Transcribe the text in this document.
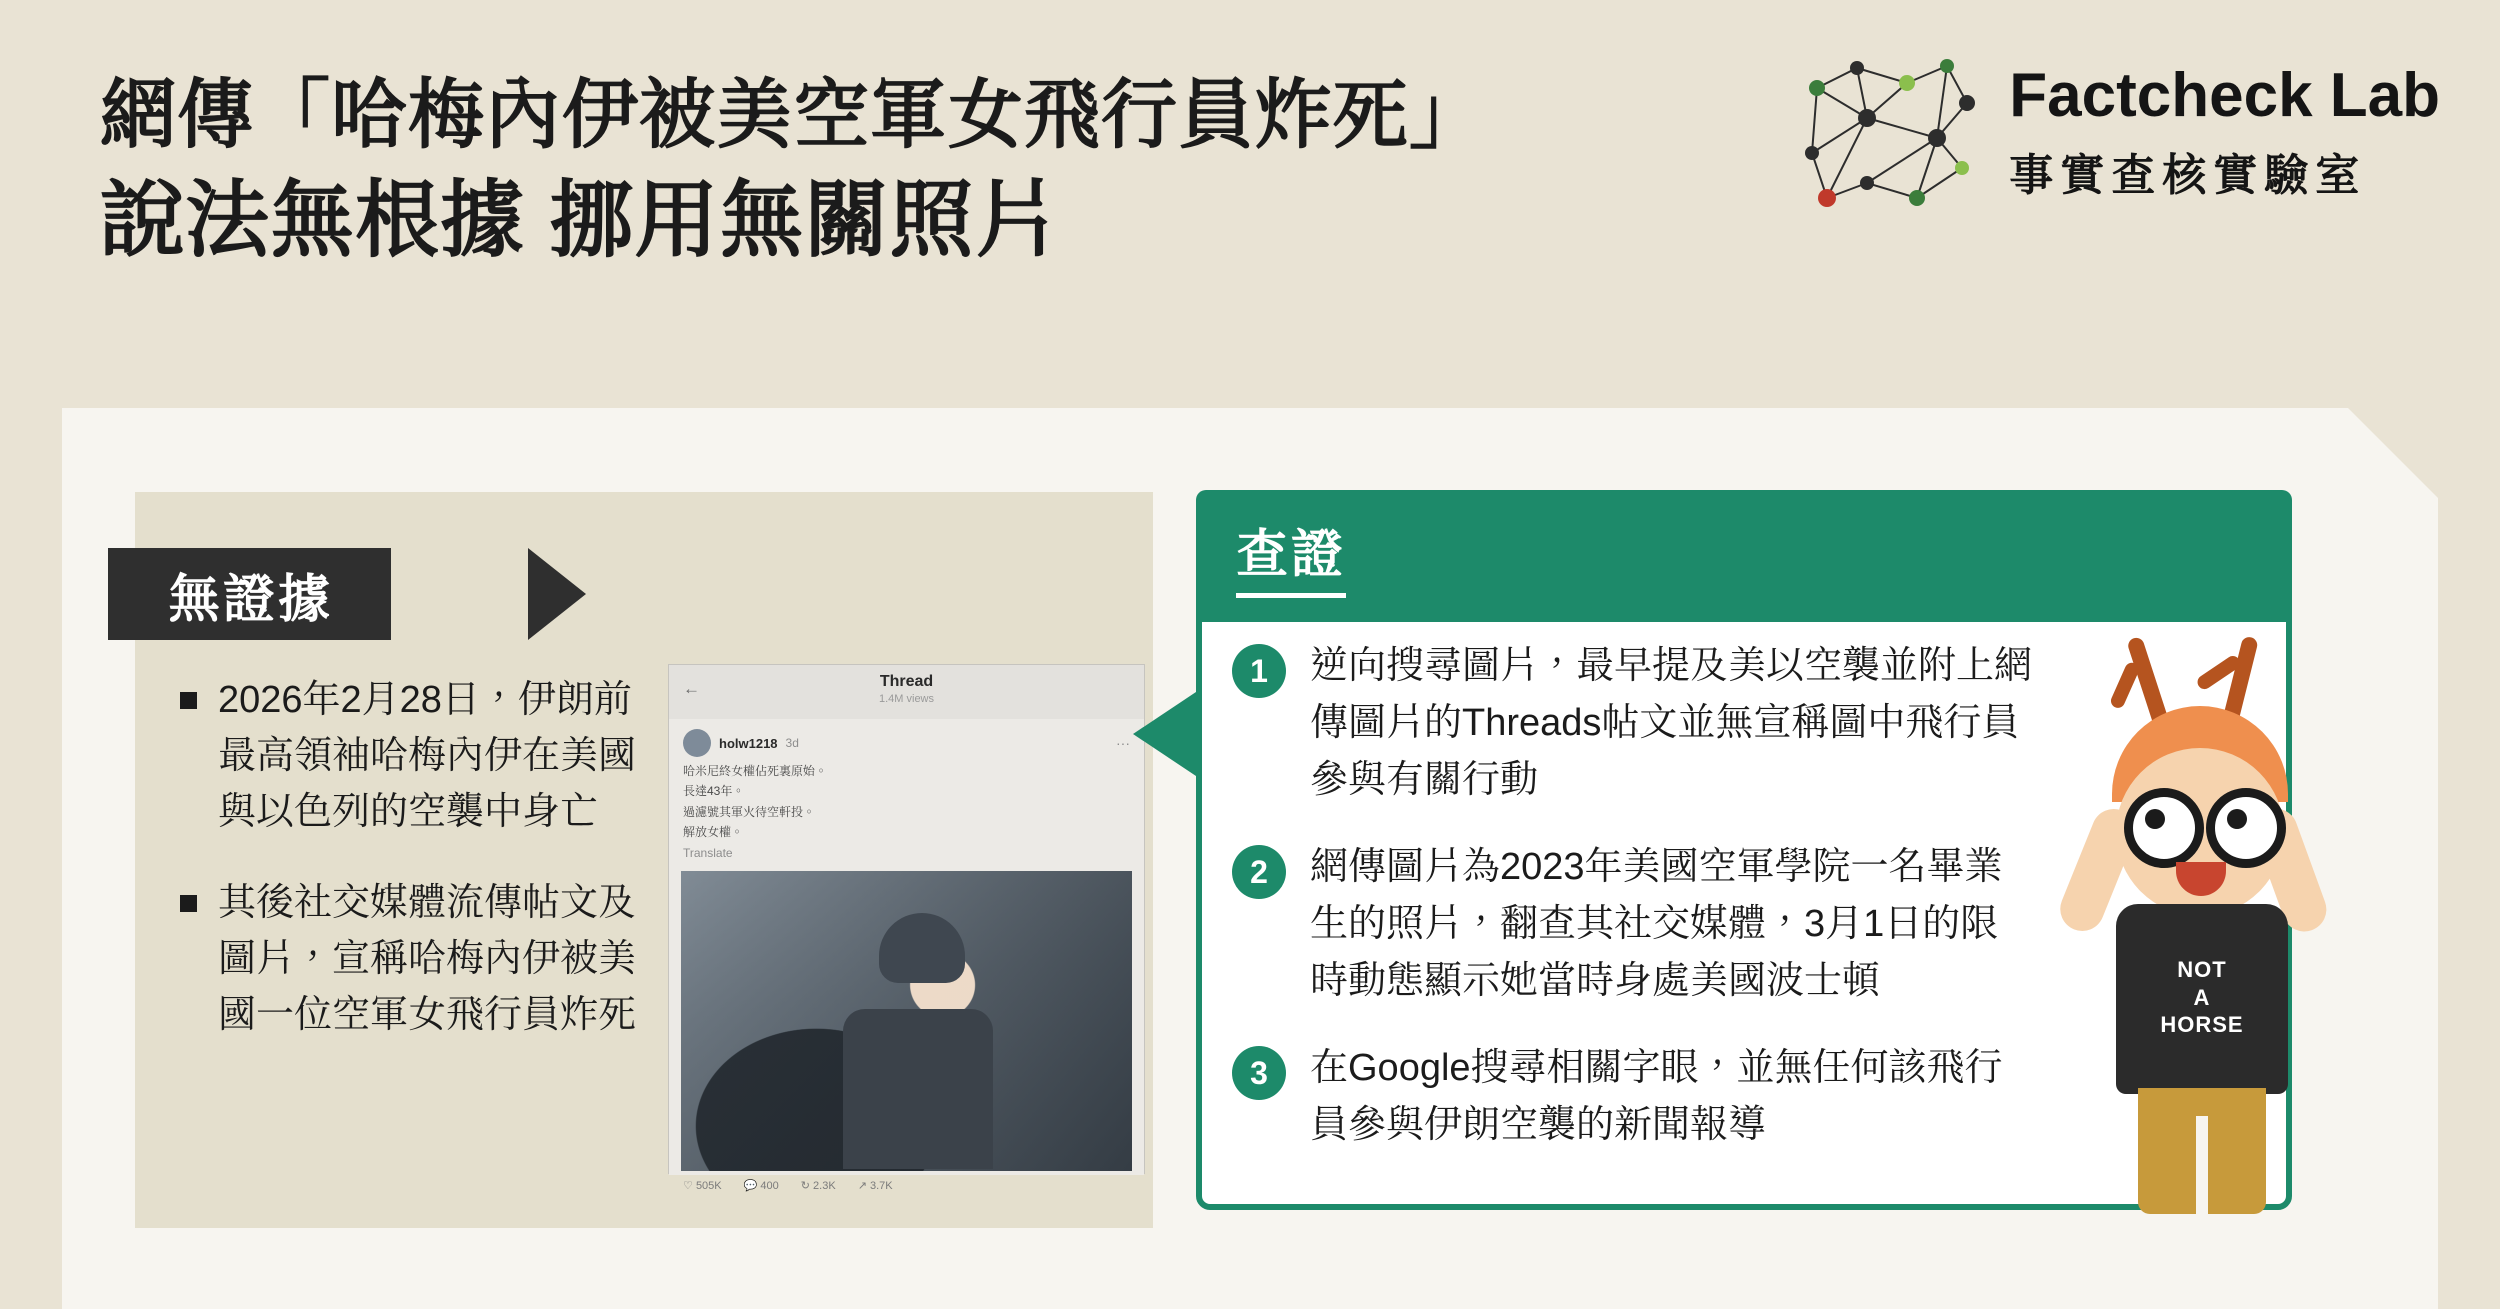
網傳「哈梅內伊被美空軍女飛行員炸死」
說法無根據 挪用無關照片
Factcheck Lab
事實查核實驗室
無證據
2026年2月28日，伊朗前最高領袖哈梅內伊在美國與以色列的空襲中身亡
其後社交媒體流傳帖文及圖片，宣稱哈梅內伊被美國一位空軍女飛行員炸死
←	Thread
1.4M views
holw1218 3d	···
哈米尼終女權佔死裏原始。
長達43年。
過濾號其軍火待空軒投。
解放女權。
Translate
♡ 505K 💬 400 ↻ 2.3K ↗ 3.7K
查證
1	逆向搜尋圖片，最早提及美以空襲並附上網傳圖片的Threads帖文並無宣稱圖中飛行員參與有關行動
2	網傳圖片為2023年美國空軍學院一名畢業生的照片，翻查其社交媒體，3月1日的限時動態顯示她當時身處美國波士頓
3	在Google搜尋相關字眼，並無任何該飛行員參與伊朗空襲的新聞報導
NOT
A
HORSE
